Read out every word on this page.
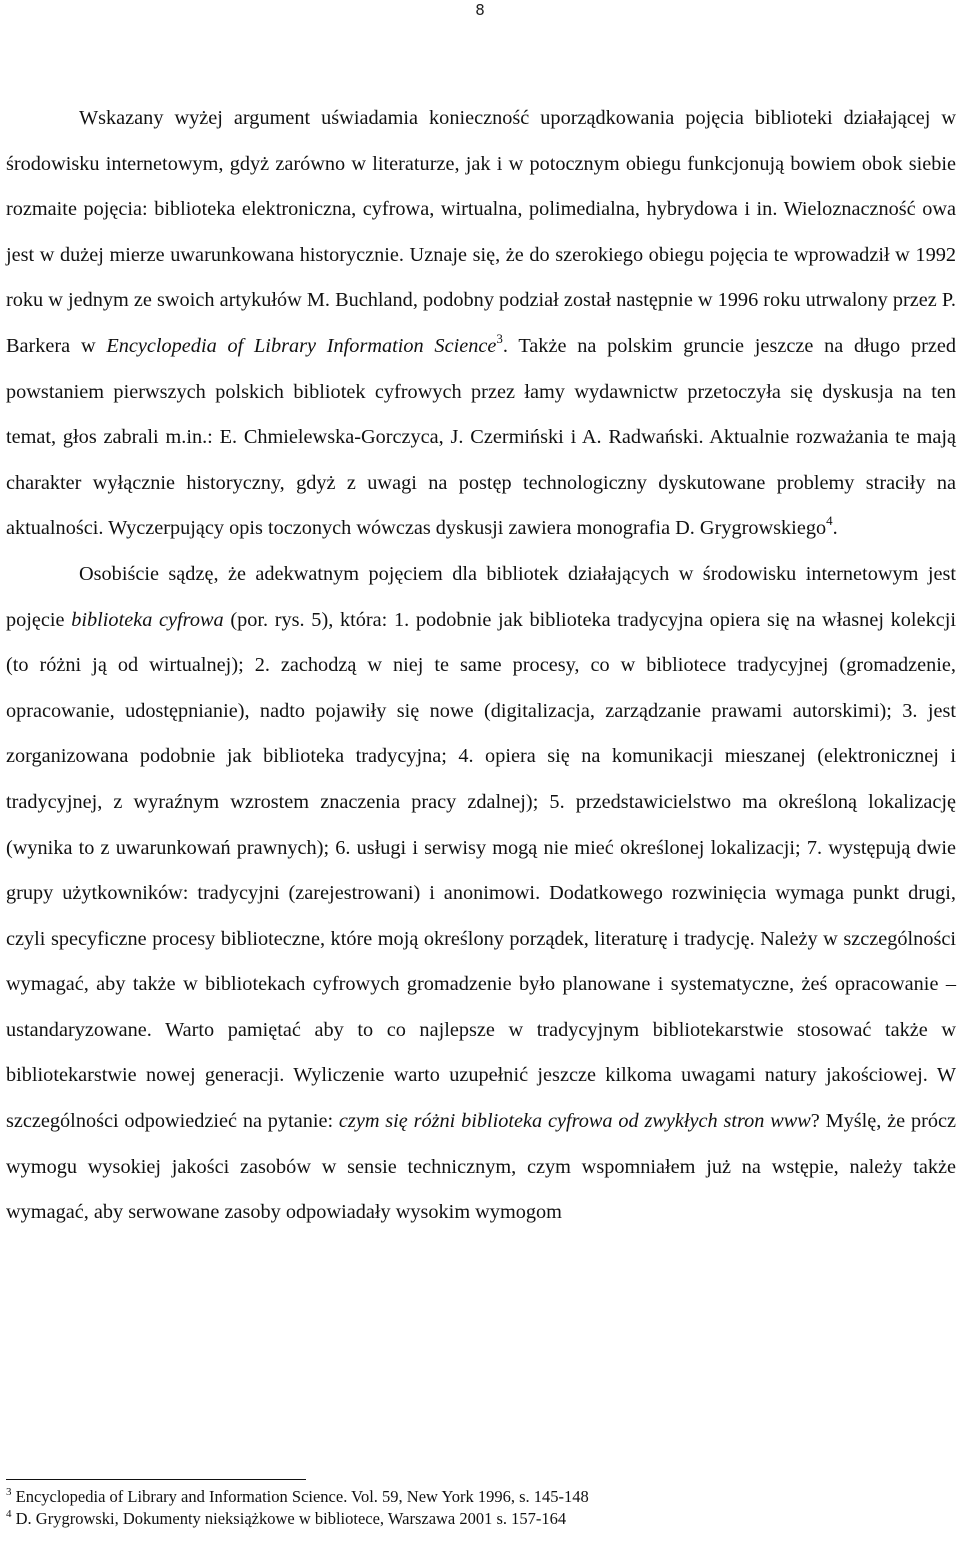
8

Wskazany wyżej argument uświadamia konieczność uporządkowania pojęcia biblioteki działającej w środowisku internetowym, gdyż zarówno w literaturze, jak i w potocznym obiegu funkcjonują bowiem obok siebie rozmaite pojęcia: biblioteka elektroniczna, cyfrowa, wirtualna, polimedialna, hybrydowa i in. Wieloznaczność owa jest w dużej mierze uwarunkowana historycznie. Uznaje się, że do szerokiego obiegu pojęcia te wprowadził w 1992 roku w jednym ze swoich artykułów M. Buchland, podobny podział został następnie w 1996 roku utrwalony przez P. Barkera w Encyclopedia of Library Information Science$^3$. Także na polskim gruncie jeszcze na długo przed powstaniem pierwszych polskich bibliotek cyfrowych przez łamy wydawnictw przetoczyła się dyskusja na ten temat, głos zabrali m.in.: E. Chmielewska-Gorczyca, J. Czermiński i A. Radwański. Aktualnie rozważania te mają charakter wyłącznie historyczny, gdyż z uwagi na postęp technologiczny dyskutowane problemy straciły na aktualności. Wyczerpujący opis toczonych wówczas dyskusji zawiera monografia D. Grygrowskiego$^4$.

Osobiście sądzę, że adekwatnym pojęciem dla bibliotek działających w środowisku internetowym jest pojęcie biblioteka cyfrowa (por. rys. 5), która: 1. podobnie jak biblioteka tradycyjna opiera się na własnej kolekcji (to różni ją od wirtualnej); 2. zachodzą w niej te same procesy, co w bibliotece tradycyjnej (gromadzenie, opracowanie, udostępnianie), nadto pojawiły się nowe (digitalizacja, zarządzanie prawami autorskimi); 3. jest zorganizowana podobnie jak biblioteka tradycyjna; 4. opiera się na komunikacji mieszanej (elektronicznej i tradycyjnej, z wyraźnym wzrostem znaczenia pracy zdalnej); 5. przedstawicielstwo ma określoną lokalizację (wynika to z uwarunkowań prawnych); 6. usługi i serwisy mogą nie mieć określonej lokalizacji; 7. występują dwie grupy użytkowników: tradycyjni (zarejestrowani) i anonimowi. Dodatkowego rozwinięcia wymaga punkt drugi, czyli specyficzne procesy biblioteczne, które moją określony porządek, literaturę i tradycję. Należy w szczególności wymagać, aby także w bibliotekach cyfrowych gromadzenie było planowane i systematyczne, żeś opracowanie – ustandaryzowane. Warto pamiętać aby to co najlepsze w tradycyjnym bibliotekarstwie stosować także w bibliotekarstwie nowej generacji. Wyliczenie warto uzupełnić jeszcze kilkoma uwagami natury jakościowej. W szczególności odpowiedzieć na pytanie: czym się różni biblioteka cyfrowa od zwykłych stron www? Myślę, że prócz wymogu wysokiej jakości zasobów w sensie technicznym, czym wspomniałem już na wstępie, należy także wymagać, aby serwowane zasoby odpowiadały wysokim wymogom

$^3$ Encyclopedia of Library and Information Science. Vol. 59, New York 1996, s. 145-148

$^4$ D. Grygrowski, Dokumenty nieksiążkowe w bibliotece, Warszawa 2001 s. 157-164
